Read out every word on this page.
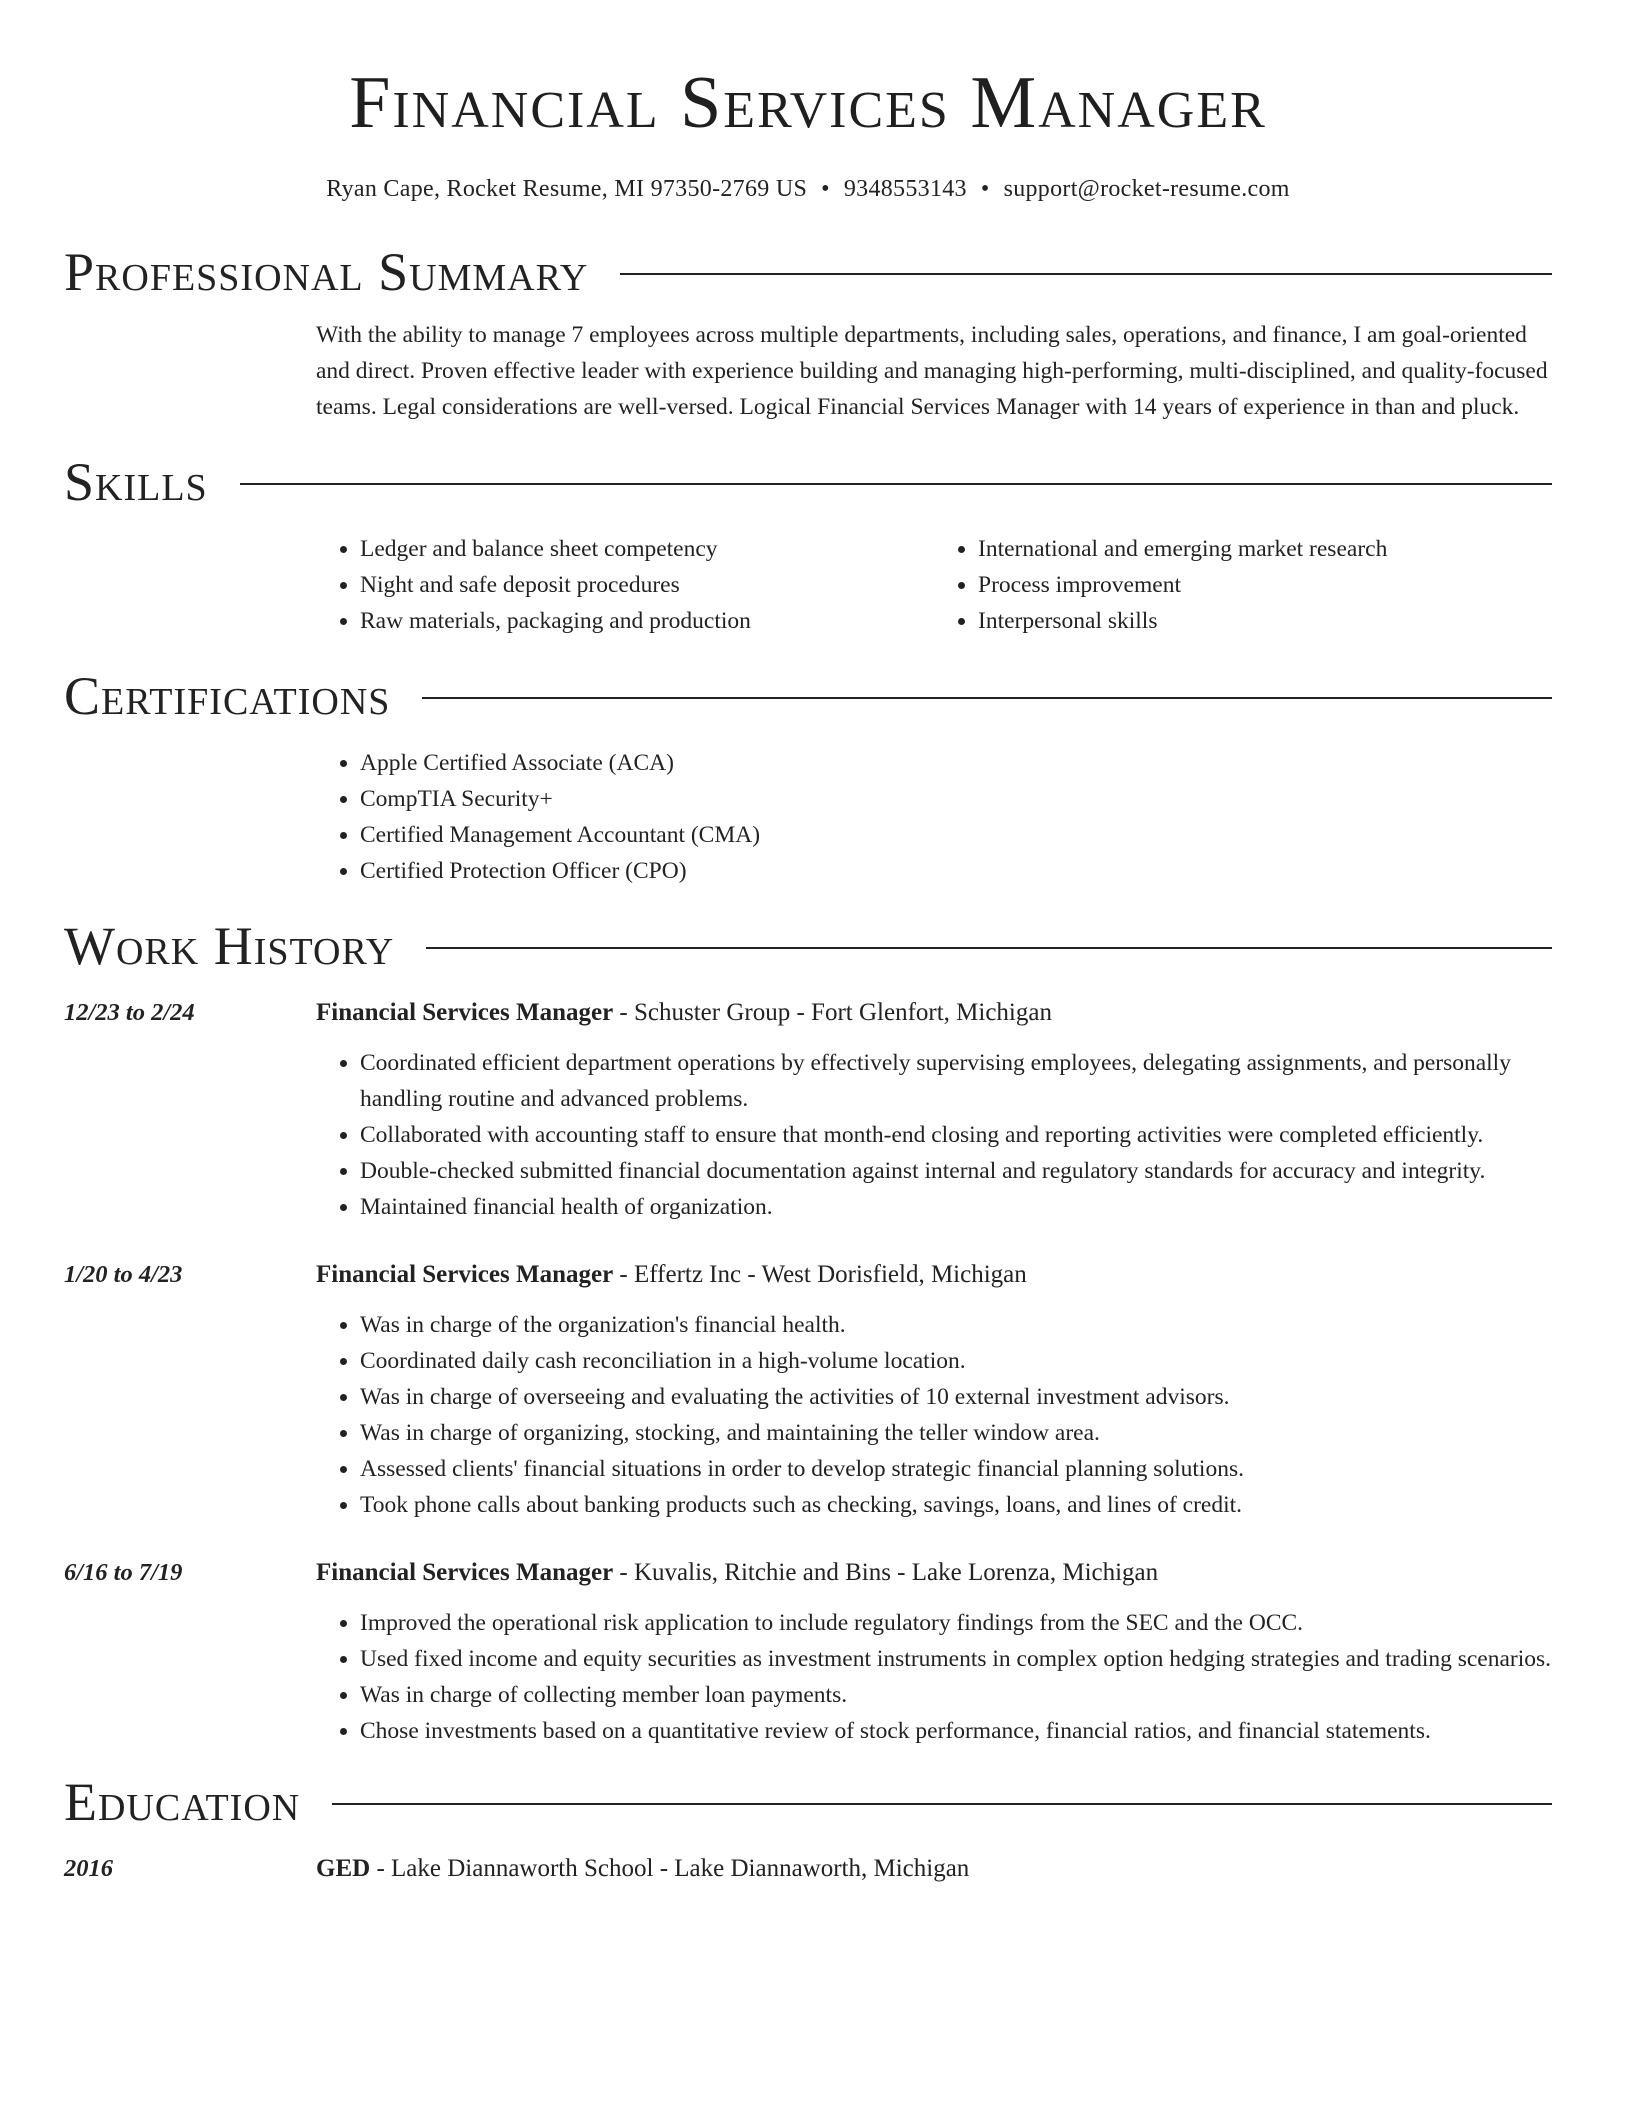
Financial Services Manager
Ryan Cape, Rocket Resume, MI 97350-2769 US • 9348553143 • support@rocket-resume.com
Professional Summary
With the ability to manage 7 employees across multiple departments, including sales, operations, and finance, I am goal-oriented and direct. Proven effective leader with experience building and managing high-performing, multi-disciplined, and quality-focused teams. Legal considerations are well-versed. Logical Financial Services Manager with 14 years of experience in than and pluck.
Skills
• Ledger and balance sheet competency
• Night and safe deposit procedures
• Raw materials, packaging and production
• International and emerging market research
• Process improvement
• Interpersonal skills
Certifications
• Apple Certified Associate (ACA)
• CompTIA Security+
• Certified Management Accountant (CMA)
• Certified Protection Officer (CPO)
Work History
12/23 to 2/24	Financial Services Manager - Schuster Group - Fort Glenfort, Michigan
• Coordinated efficient department operations by effectively supervising employees, delegating assignments, and personally handling routine and advanced problems.
• Collaborated with accounting staff to ensure that month-end closing and reporting activities were completed efficiently.
• Double-checked submitted financial documentation against internal and regulatory standards for accuracy and integrity.
• Maintained financial health of organization.
1/20 to 4/23	Financial Services Manager - Effertz Inc - West Dorisfield, Michigan
• Was in charge of the organization's financial health.
• Coordinated daily cash reconciliation in a high-volume location.
• Was in charge of overseeing and evaluating the activities of 10 external investment advisors.
• Was in charge of organizing, stocking, and maintaining the teller window area.
• Assessed clients' financial situations in order to develop strategic financial planning solutions.
• Took phone calls about banking products such as checking, savings, loans, and lines of credit.
6/16 to 7/19	Financial Services Manager - Kuvalis, Ritchie and Bins - Lake Lorenza, Michigan
• Improved the operational risk application to include regulatory findings from the SEC and the OCC.
• Used fixed income and equity securities as investment instruments in complex option hedging strategies and trading scenarios.
• Was in charge of collecting member loan payments.
• Chose investments based on a quantitative review of stock performance, financial ratios, and financial statements.
Education
2016	GED - Lake Diannaworth School - Lake Diannaworth, Michigan
